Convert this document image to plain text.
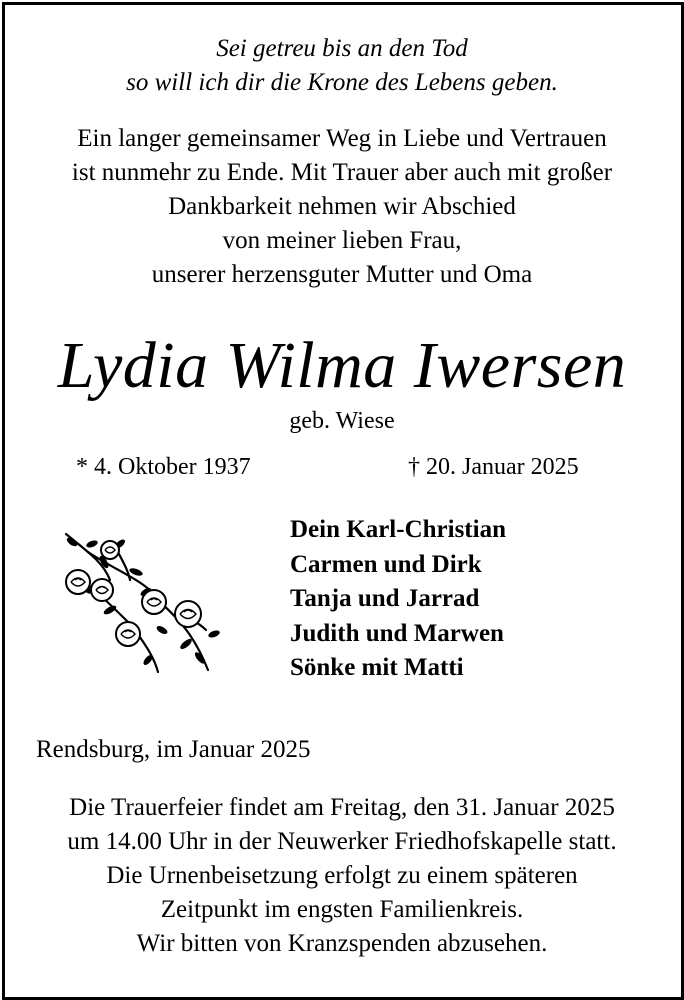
Sei getreu bis an den Tod
so will ich dir die Krone des Lebens geben.
Ein langer gemeinsamer Weg in Liebe und Vertrauen
ist nunmehr zu Ende. Mit Trauer aber auch mit großer
Dankbarkeit nehmen wir Abschied
von meiner lieben Frau,
unserer herzensguter Mutter und Oma
Lydia Wilma Iwersen
geb. Wiese
* 4. Oktober 1937	† 20. Januar 2025
Dein Karl-Christian
Carmen und Dirk
Tanja und Jarrad
Judith und Marwen
Sönke mit Matti
Rendsburg, im Januar 2025
Die Trauerfeier findet am Freitag, den 31. Januar 2025
um 14.00 Uhr in der Neuwerker Friedhofskapelle statt.
Die Urnenbeisetzung erfolgt zu einem späteren
Zeitpunkt im engsten Familienkreis.
Wir bitten von Kranzspenden abzusehen.
